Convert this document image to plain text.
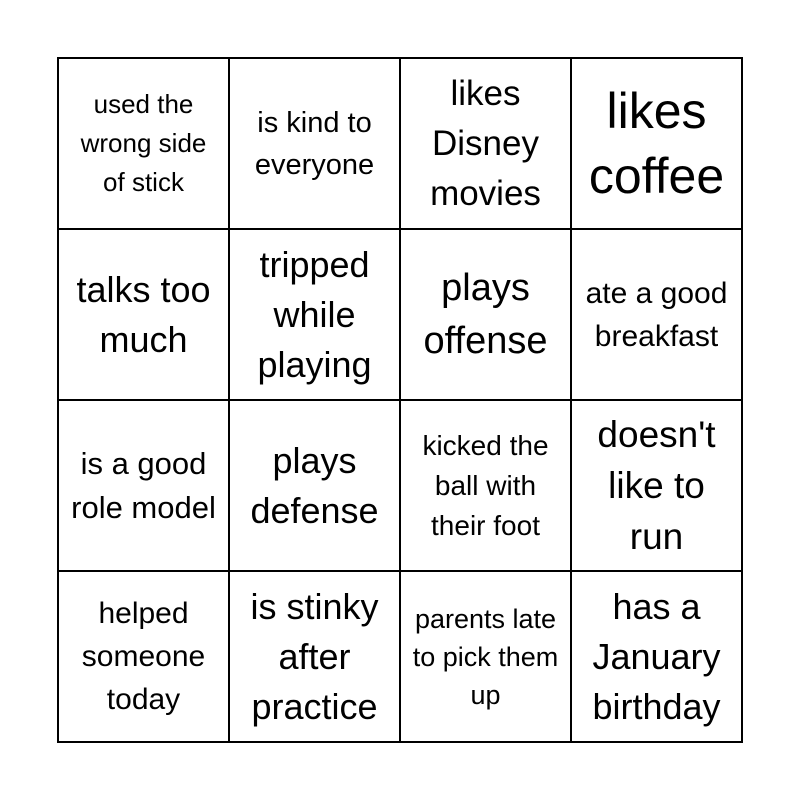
used the wrong side of stick
is kind to everyone
likes Disney movies
likes coffee
talks too much
tripped while playing
plays offense
ate a good breakfast
is a good role model
plays defense
kicked the ball with their foot
doesn't like to run
helped someone today
is stinky after practice
parents late to pick them up
has a January birthday
